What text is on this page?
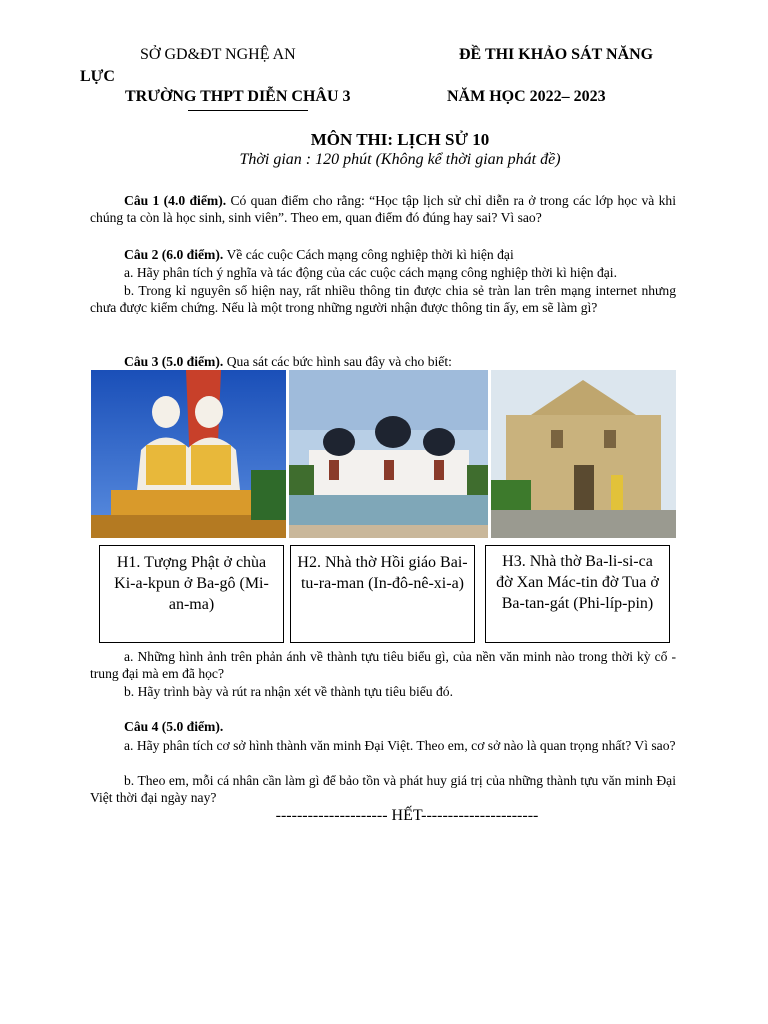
SỞ GD&ĐT NGHỆ AN	ĐỀ THI KHẢO SÁT NĂNG
LỰC
TRƯỜNG THPT DIỄN CHÂU 3	NĂM HỌC 2022– 2023
MÔN THI: LỊCH SỬ 10
Thời gian : 120 phút (Không kể thời gian phát đề)
Câu 1 (4.0 điểm). Có quan điểm cho rằng: “Học tập lịch sử chỉ diễn ra ở trong các lớp học và khi chúng ta còn là học sinh, sinh viên”. Theo em, quan điểm đó đúng hay sai? Vì sao?
Câu 2 (6.0 điểm). Về các cuộc Cách mạng công nghiệp thời kì hiện đại
a. Hãy phân tích ý nghĩa và tác động của các cuộc cách mạng công nghiệp thời kì hiện đại.
b. Trong kỉ nguyên số hiện nay, rất nhiều thông tin được chia sẻ tràn lan trên mạng internet nhưng chưa được kiểm chứng. Nếu là một trong những người nhận được thông tin ấy, em sẽ làm gì?
Câu 3 (5.0 điểm). Qua sát các bức hình sau đây và cho biết:
H1. Tượng Phật ở chùa Ki-a-kpun ở Ba-gô (Mi-an-ma)
H2. Nhà thờ Hồi giáo Bai-tu-ra-man (In-đô-nê-xi-a)
H3. Nhà thờ Ba-li-si-ca đờ Xan Mác-tin đờ Tua ở Ba-tan-gát (Phi-líp-pin)
a. Những hình ảnh trên phản ánh về thành tựu tiêu biểu gì, của nền văn minh nào trong thời kỳ cổ - trung đại mà em đã học?
b. Hãy trình bày và rút ra nhận xét về thành tựu tiêu biểu đó.
Câu 4 (5.0 điểm).
a. Hãy phân tích cơ sở hình thành văn minh Đại Việt. Theo em, cơ sở nào là quan trọng nhất? Vì sao?
b. Theo em, mỗi cá nhân cần làm gì để bảo tồn và phát huy giá trị của những thành tựu văn minh Đại Việt thời đại ngày nay?
--------------------- HẾT----------------------
